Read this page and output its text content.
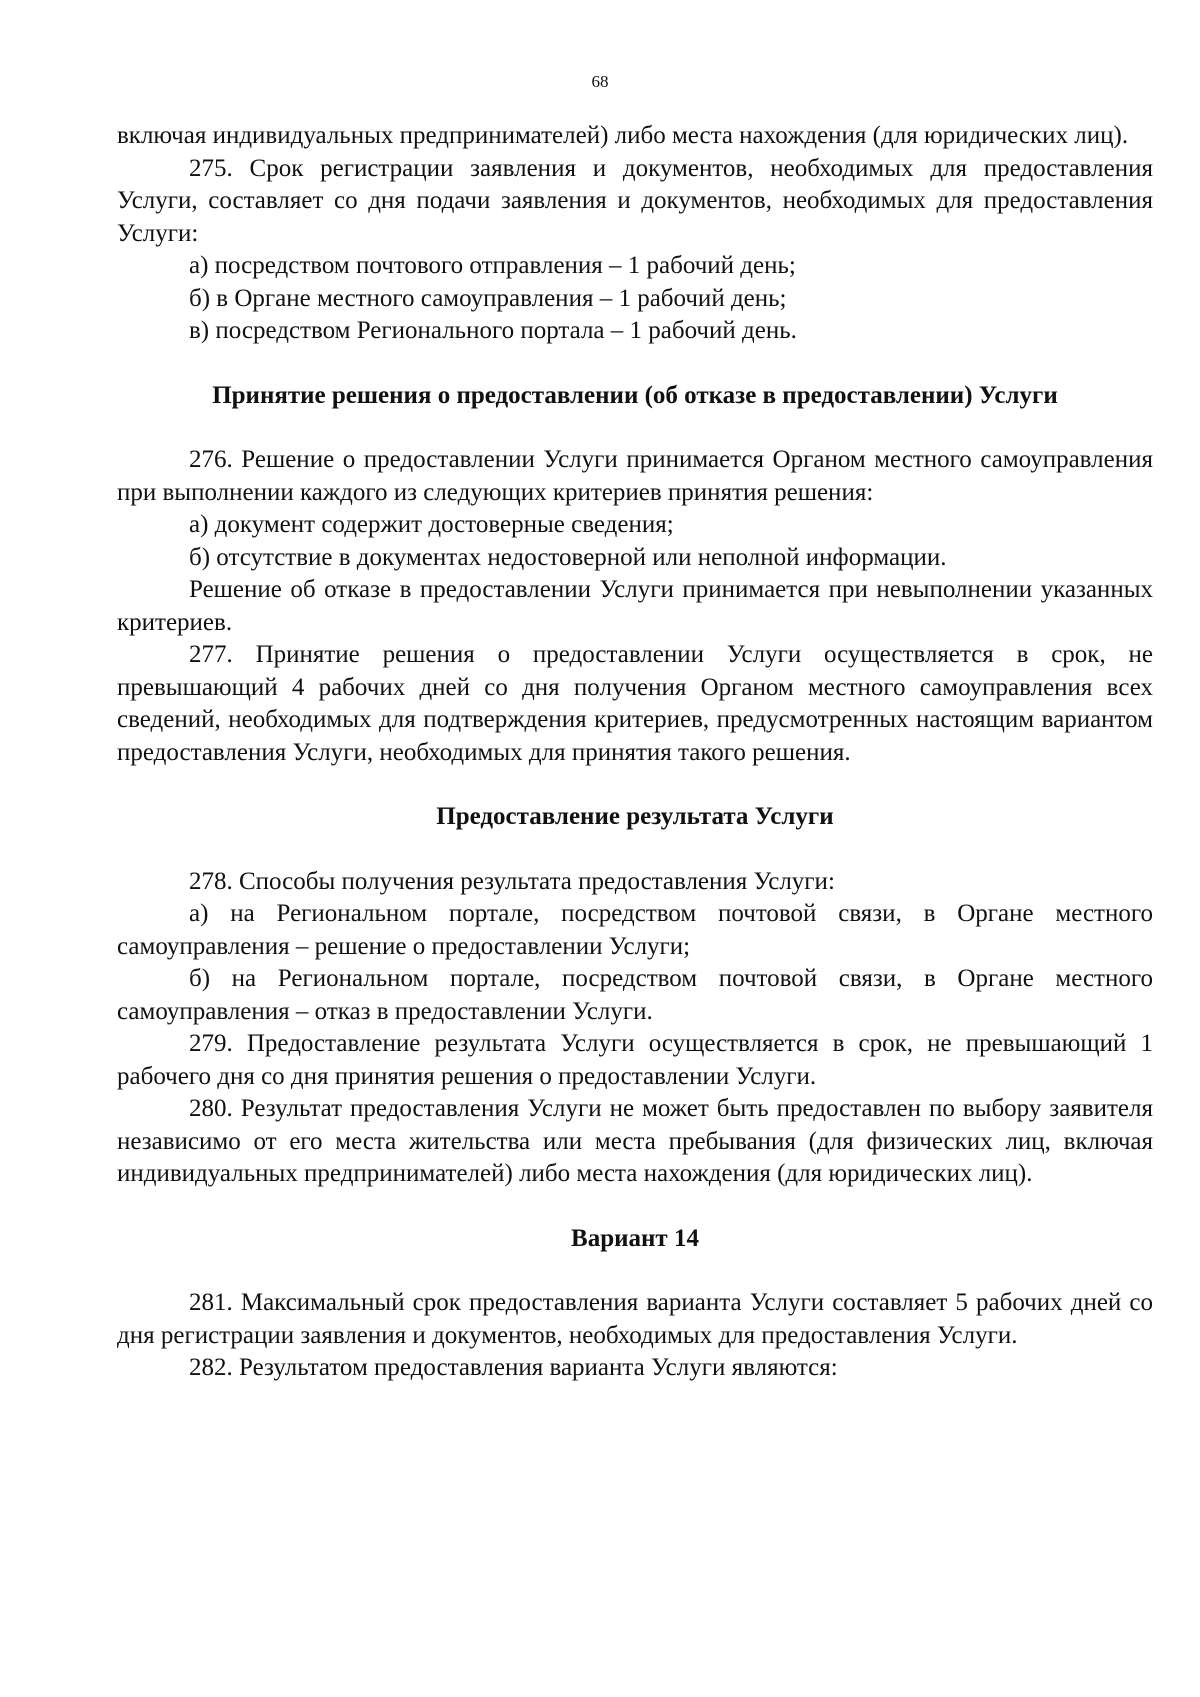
68

включая индивидуальных предпринимателей) либо места нахождения (для юридических лиц).

275. Срок регистрации заявления и документов, необходимых для предоставления Услуги, составляет со дня подачи заявления и документов, необходимых для предоставления Услуги:

а) посредством почтового отправления – 1 рабочий день;

б) в Органе местного самоуправления – 1 рабочий день;

в) посредством Регионального портала – 1 рабочий день.

Принятие решения о предоставлении (об отказе в предоставлении) Услуги

276. Решение о предоставлении Услуги принимается Органом местного самоуправления при выполнении каждого из следующих критериев принятия решения:

а) документ содержит достоверные сведения;

б) отсутствие в документах недостоверной или неполной информации.

Решение об отказе в предоставлении Услуги принимается при невыполнении указанных критериев.

277. Принятие решения о предоставлении Услуги осуществляется в срок, не превышающий 4 рабочих дней со дня получения Органом местного самоуправления всех сведений, необходимых для подтверждения критериев, предусмотренных настоящим вариантом предоставления Услуги, необходимых для принятия такого решения.

Предоставление результата Услуги

278. Способы получения результата предоставления Услуги:

а) на Региональном портале, посредством почтовой связи, в Органе местного самоуправления – решение о предоставлении Услуги;

б) на Региональном портале, посредством почтовой связи, в Органе местного самоуправления – отказ в предоставлении Услуги.

279. Предоставление результата Услуги осуществляется в срок, не превышающий 1 рабочего дня со дня принятия решения о предоставлении Услуги.

280. Результат предоставления Услуги не может быть предоставлен по выбору заявителя независимо от его места жительства или места пребывания (для физических лиц, включая индивидуальных предпринимателей) либо места нахождения (для юридических лиц).

Вариант 14

281. Максимальный срок предоставления варианта Услуги составляет 5 рабочих дней со дня регистрации заявления и документов, необходимых для предоставления Услуги.

282. Результатом предоставления варианта Услуги являются:
